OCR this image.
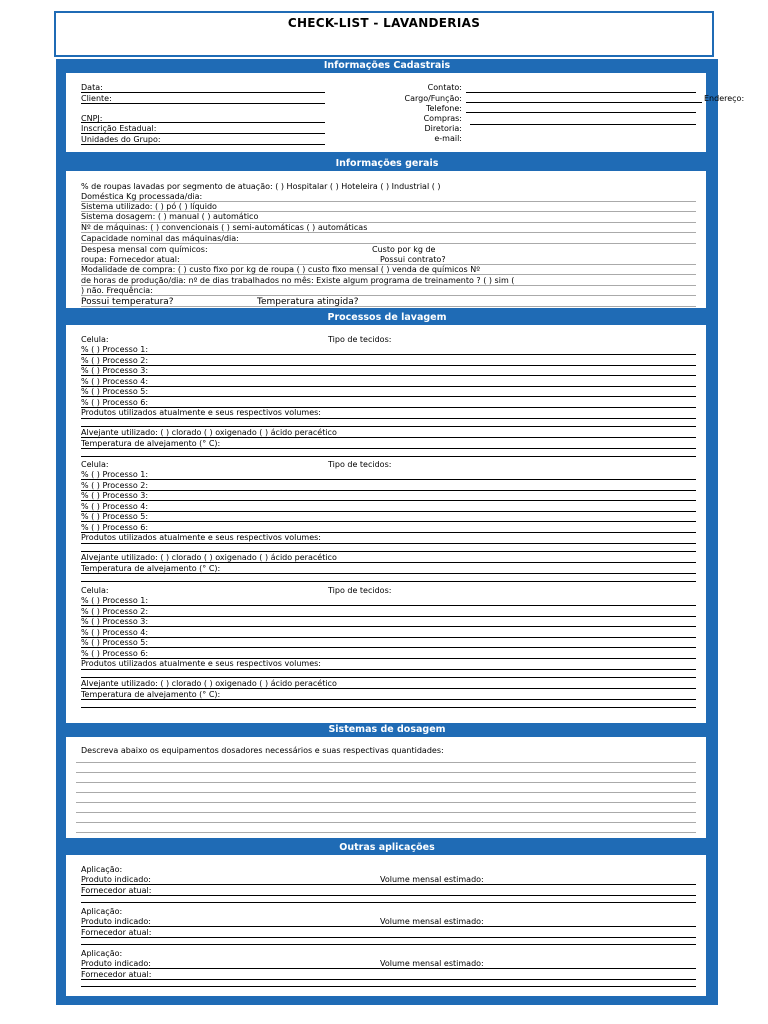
CHECK-LIST - LAVANDERIAS
Informações Cadastrais
Informações gerais
Processos de lavagem
Sistemas de dosagem
Outras aplicações
Data:
Cliente:
CNPJ:
Inscrição Estadual:
Unidades do Grupo:
Contato:
Cargo/Função:	Endereço:
Telefone:
Compras:
Diretoria:
e-mail:
% de roupas lavadas por segmento de atuação: ( ) Hospitalar ( ) Hoteleira ( ) Industrial ( )
Doméstica Kg processada/dia:
Sistema utilizado: ( ) pó ( ) líquido
Sistema dosagem: ( ) manual ( ) automático
Nº de máquinas: ( ) convencionais ( ) semi-automáticas ( ) automáticas
Capacidade nominal das máquinas/dia:
Despesa mensal com químicos:	Custo por kg de
roupa: Fornecedor atual:	Possui contrato?
Modalidade de compra: ( ) custo fixo por kg de roupa ( ) custo fixo mensal ( ) venda de químicos Nº
de horas de produção/dia: nº de dias trabalhados no mês: Existe algum programa de treinamento ? ( ) sim (
) não. Frequência:
Possui temperatura?	Temperatura atingida?
Celula:	Tipo de tecidos:
% ( ) Processo 1:
% ( ) Processo 2:
% ( ) Processo 3:
% ( ) Processo 4:
% ( ) Processo 5:
% ( ) Processo 6:
Produtos utilizados atualmente e seus respectivos volumes:
Alvejante utilizado: ( ) clorado ( ) oxigenado ( ) ácido peracético
Temperatura de alvejamento (° C):
Celula:	Tipo de tecidos:
% ( ) Processo 1:
% ( ) Processo 2:
% ( ) Processo 3:
% ( ) Processo 4:
% ( ) Processo 5:
% ( ) Processo 6:
Produtos utilizados atualmente e seus respectivos volumes:
Alvejante utilizado: ( ) clorado ( ) oxigenado ( ) ácido peracético
Temperatura de alvejamento (° C):
Celula:	Tipo de tecidos:
% ( ) Processo 1:
% ( ) Processo 2:
% ( ) Processo 3:
% ( ) Processo 4:
% ( ) Processo 5:
% ( ) Processo 6:
Produtos utilizados atualmente e seus respectivos volumes:
Alvejante utilizado: ( ) clorado ( ) oxigenado ( ) ácido peracético
Temperatura de alvejamento (° C):
Descreva abaixo os equipamentos dosadores necessários e suas respectivas quantidades:
Aplicação:
Produto indicado:	Volume mensal estimado:
Fornecedor atual:
Aplicação:
Produto indicado:	Volume mensal estimado:
Fornecedor atual:
Aplicação:
Produto indicado:	Volume mensal estimado:
Fornecedor atual:
